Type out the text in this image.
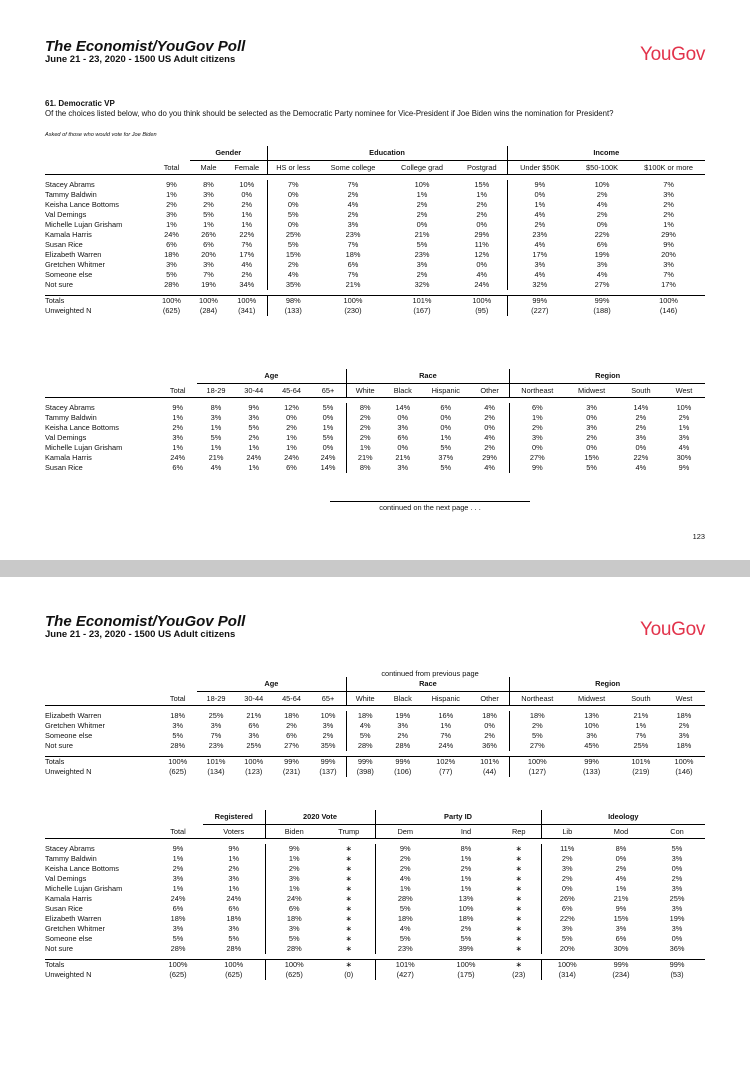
The Economist/YouGov Poll
June 21 - 23, 2020 - 1500 US Adult citizens	YouGov
61. Democratic VP
Of the choices listed below, who do you think should be selected as the Democratic Party nominee for Vice-President if Joe Biden wins the nomination for President?
Asked of those who would vote for Joe Biden
		Gender		Education				Income		
	Total	Male	Female	HS or less	Some college	College grad	Postgrad	Under $50K	$50-100K	$100K or more

Stacey Abrams	9%	8%	10%	7%	7%	10%	15%	9%	10%	7%
Tammy Baldwin	1%	3%	0%	0%	2%	1%	1%	0%	2%	3%
Keisha Lance Bottoms	2%	2%	2%	0%	4%	2%	2%	1%	4%	2%
Val Demings	3%	5%	1%	5%	2%	2%	2%	4%	2%	2%
Michelle Lujan Grisham	1%	1%	1%	0%	3%	0%	0%	2%	0%	1%
Kamala Harris	24%	26%	22%	25%	23%	21%	29%	23%	22%	29%
Susan Rice	6%	6%	7%	5%	7%	5%	11%	4%	6%	9%
Elizabeth Warren	18%	20%	17%	15%	18%	23%	12%	17%	19%	20%
Gretchen Whitmer	3%	3%	4%	2%	6%	3%	0%	3%	3%	3%
Someone else	5%	7%	2%	4%	7%	2%	4%	4%	4%	7%
Not sure	28%	19%	34%	35%	21%	32%	24%	32%	27%	17%

Totals	100%	100%	100%	98%	100%	101%	100%	99%	99%	100%
Unweighted N	(625)	(284)	(341)	(133)	(230)	(167)	(95)	(227)	(188)	(146)
		Age				Race				Region			
	Total	18-29	30-44	45-64	65+	White	Black	Hispanic	Other	Northeast	Midwest	South	West

Stacey Abrams	9%	8%	9%	12%	5%	8%	14%	6%	4%	6%	3%	14%	10%
Tammy Baldwin	1%	3%	3%	0%	0%	2%	0%	0%	2%	1%	0%	2%	2%
Keisha Lance Bottoms	2%	1%	5%	2%	1%	2%	3%	0%	0%	2%	3%	2%	1%
Val Demings	3%	5%	2%	1%	5%	2%	6%	1%	4%	3%	2%	3%	3%
Michelle Lujan Grisham	1%	1%	1%	1%	0%	1%	0%	5%	2%	0%	0%	0%	4%
Kamala Harris	24%	21%	24%	24%	24%	21%	21%	37%	29%	27%	15%	22%	30%
Susan Rice	6%	4%	1%	6%	14%	8%	3%	5%	4%	9%	5%	4%	9%
continued on the next page . . .
123
The Economist/YouGov Poll
June 21 - 23, 2020 - 1500 US Adult citizens	YouGov
continued from previous page
		Age				Race				Region			
	Total	18-29	30-44	45-64	65+	White	Black	Hispanic	Other	Northeast	Midwest	South	West

Elizabeth Warren	18%	25%	21%	18%	10%	18%	19%	16%	18%	18%	13%	21%	18%
Gretchen Whitmer	3%	3%	6%	2%	3%	4%	3%	1%	0%	2%	10%	1%	2%
Someone else	5%	7%	3%	6%	2%	5%	2%	7%	2%	5%	3%	7%	3%
Not sure	28%	23%	25%	27%	35%	28%	28%	24%	36%	27%	45%	25%	18%

Totals	100%	101%	100%	99%	99%	99%	99%	102%	101%	100%	99%	101%	100%
Unweighted N	(625)	(134)	(123)	(231)	(137)	(398)	(106)	(77)	(44)	(127)	(133)	(219)	(146)
		Registered	2020 Vote		Party ID			Ideology		
	Total	Voters	Biden	Trump	Dem	Ind	Rep	Lib	Mod	Con

Stacey Abrams	9%	9%	9%	∗	9%	8%	∗	11%	8%	5%
Tammy Baldwin	1%	1%	1%	∗	2%	1%	∗	2%	0%	3%
Keisha Lance Bottoms	2%	2%	2%	∗	2%	2%	∗	3%	2%	0%
Val Demings	3%	3%	3%	∗	4%	1%	∗	2%	4%	2%
Michelle Lujan Grisham	1%	1%	1%	∗	1%	1%	∗	0%	1%	3%
Kamala Harris	24%	24%	24%	∗	28%	13%	∗	26%	21%	25%
Susan Rice	6%	6%	6%	∗	5%	10%	∗	6%	9%	3%
Elizabeth Warren	18%	18%	18%	∗	18%	18%	∗	22%	15%	19%
Gretchen Whitmer	3%	3%	3%	∗	4%	2%	∗	3%	3%	3%
Someone else	5%	5%	5%	∗	5%	5%	∗	5%	6%	0%
Not sure	28%	28%	28%	∗	23%	39%	∗	20%	30%	36%

Totals	100%	100%	100%	∗	101%	100%	∗	100%	99%	99%
Unweighted N	(625)	(625)	(625)	(0)	(427)	(175)	(23)	(314)	(234)	(53)
